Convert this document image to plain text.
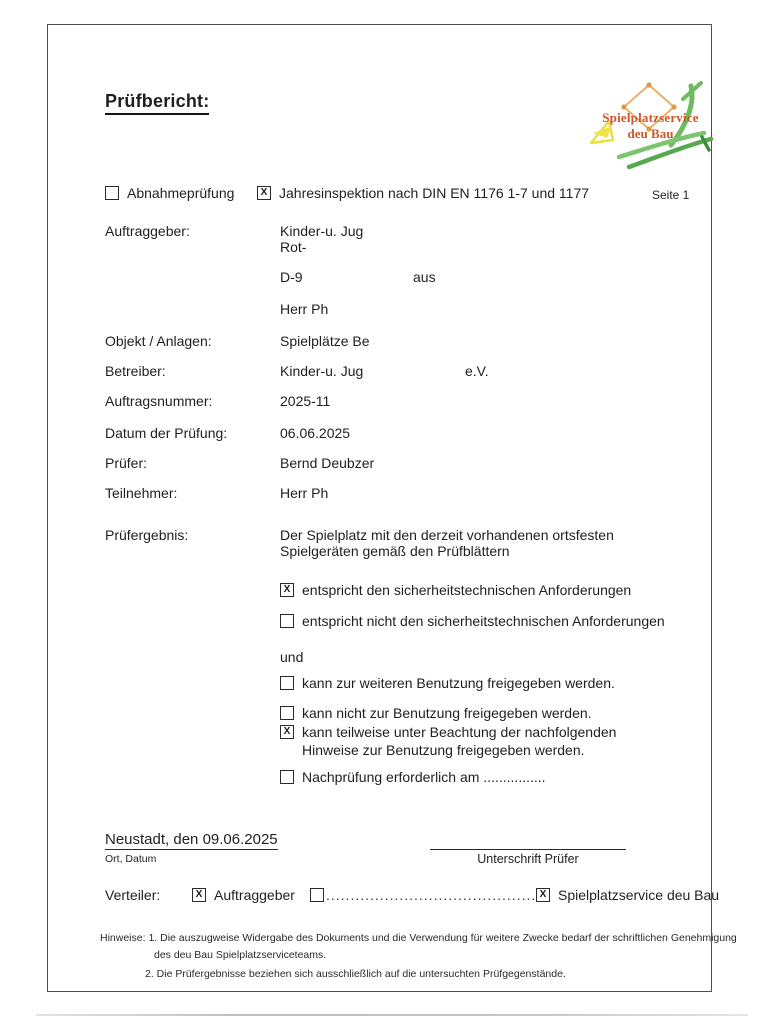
Prüfbericht:
Spielplatzservice
deu Bau
Abnahmeprüfung	X Jahresinspektion nach DIN EN 1176 1-7 und 1177	Seite 1
Auftraggeber:	Kinder-u. Jug
Rot-
D-9	aus
Herr Ph
Objekt / Anlagen:	Spielplätze Be
Betreiber:	Kinder-u. Jug	e.V.
Auftragsnummer:	2025-11
Datum der Prüfung:	06.06.2025
Prüfer:	Bernd Deubzer
Teilnehmer:	Herr Ph
Prüfergebnis:	Der Spielplatz mit den derzeit vorhandenen ortsfesten
Spielgeräten gemäß den Prüfblättern
X entspricht den sicherheitstechnischen Anforderungen
entspricht nicht den sicherheitstechnischen Anforderungen
und
kann zur weiteren Benutzung freigegeben werden.
kann nicht zur Benutzung freigegeben werden.
X kann teilweise unter Beachtung der nachfolgenden Hinweise zur Benutzung freigegeben werden.
Nachprüfung erforderlich am ................
Neustadt, den 09.06.2025
Ort, Datum	Unterschrift Prüfer
Verteiler:	X Auftraggeber ........................................... X Spielplatzservice deu Bau
Hinweise: 1. Die auszugweise Widergabe des Dokuments und die Verwendung für weitere Zwecke bedarf der schriftlichen Genehmigung
des deu Bau Spielplatzserviceteams.
2. Die Prüfergebnisse beziehen sich ausschließlich auf die untersuchten Prüfgegenstände.
